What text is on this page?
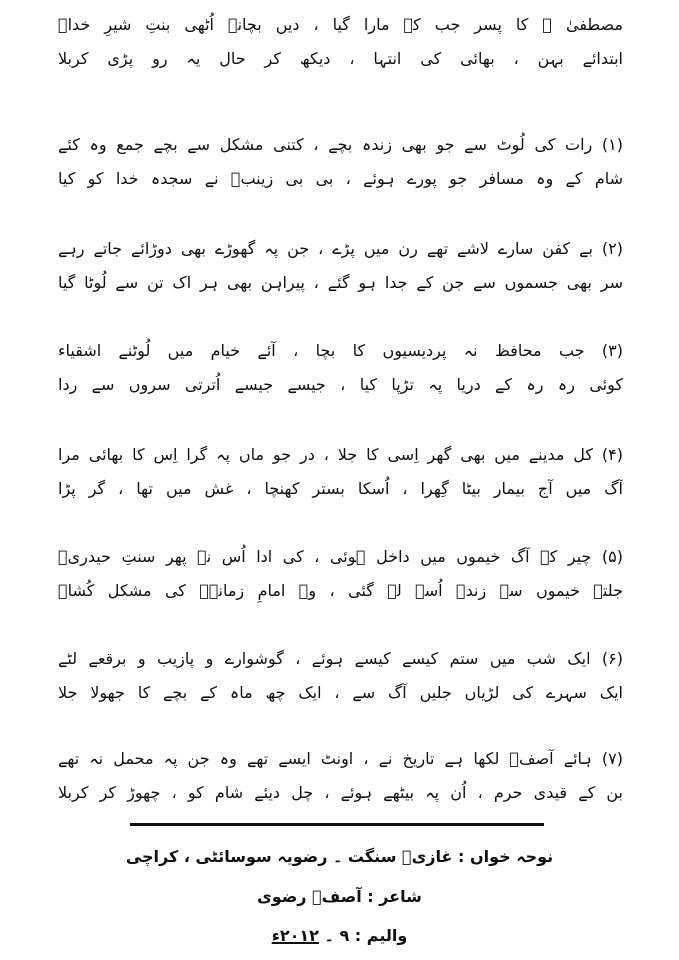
مصطفیٰ ؐ کا پسر جب کے مارا گیا ، دیں بچانے اُٹھی بنتِ شیرِ خداؑ
ابتدائے بہن ، بھائی کی انتہا ، دیکھ کر حال یہ رو پڑی کربلا
(۱) رات کی لُوٹ سے جو بھی زندہ بچے ، کتنی مشکل سے بچے جمع وہ کئے
شام کے وہ مسافر جو پورے ہوئے ، بی بی زینبؑ نے سجدہ خدا کو کیا
(۲) بے کفن سارے لاشے تھے رن میں پڑے ، جن پہ گھوڑے بھی دوڑائے جاتے رہے
سر بھی جسموں سے جن کے جدا ہو گئے ، پیراہن بھی ہر اک تن سے لُوٹا گیا
(۳) جب محافظ نہ پردیسیوں کا بچا ، آئے خیام میں لُوٹنے اشقیاء
کوئی رہ رہ کے دریا پہ تڑپا کیا ، جیسے جیسے اُترتی سروں سے ردا
(۴) کل مدینے میں بھی گھر اِسی کا جلا ، در جو ماں پہ گرا اِس کا بھائی مرا
آگ میں آج بیمار بیٹا گِھرا ، اُسکا بستر کھنچا ، غش میں تھا ، گر پڑا
(۵) چیر کے آگ خیموں میں داخل ہوئی ، کی ادا اُس نے پھر سنتِ حیدریؑ
جلتے خیموں سے زندہ اُسے لے گئی ، وہ امامِ زمانہؑ کی مشکل کُشاؑ
(۶) ایک شب میں ستم کیسے کیسے ہوئے ، گوشوارے و پازیب و برقعے لٹے
ایک سہرے کی لڑیاں جلیں آگ سے ، ایک چھ ماہ کے بچے کا جھولا جلا
(۷) ہائے آصفؔ لکھا ہے تاریخ نے ، اونٹ ایسے تھے وہ جن پہ محمل نہ تھے
بن کے قیدی حرم ، اُن پہ بیٹھے ہوئے ، چل دیئے شام کو ، چھوڑ کر کربلا
نوحہ خواں : غازیؑ سنگت ۔ رضویہ سوسائٹی ، کراچی
شاعر : آصفؔ رضوی
والیم : ۹ ۔ ۲۰۱۲ء
